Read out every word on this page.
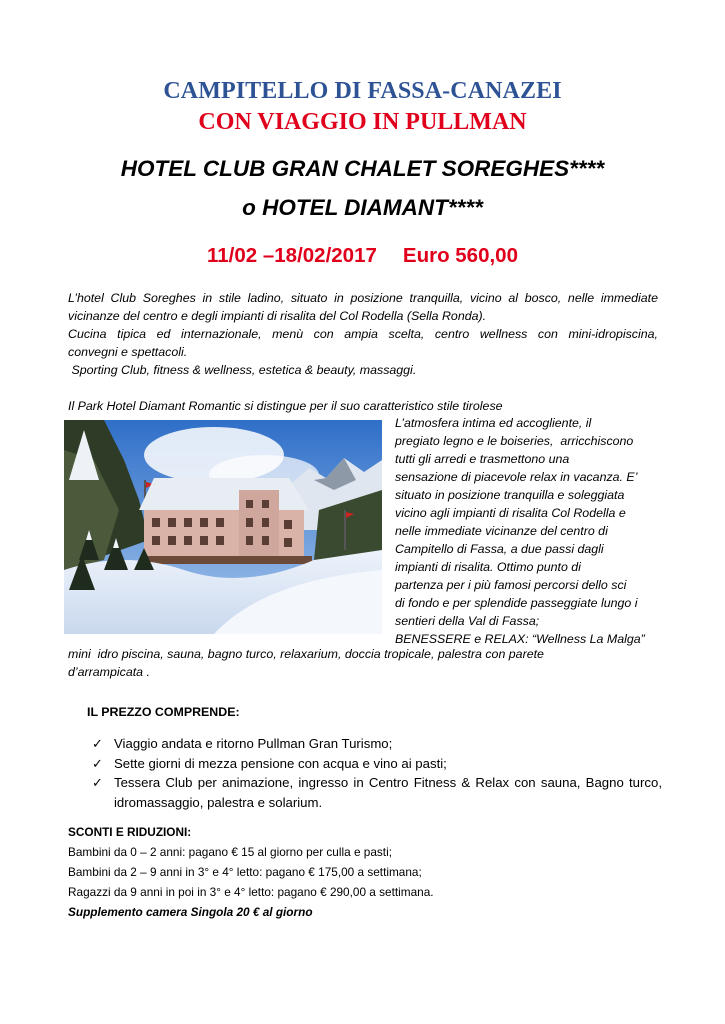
CAMPITELLO DI FASSA-CANAZEI
CON VIAGGIO IN PULLMAN
HOTEL CLUB GRAN CHALET SOREGHES****
o HOTEL DIAMANT****
11/02 –18/02/2017 Euro 560,00
L’hotel Club Soreghes in stile ladino, situato in posizione tranquilla, vicino al bosco, nelle immediate
vicinanze del centro e degli impianti di risalita del Col Rodella (Sella Ronda).
Cucina tipica ed internazionale, menù con ampia scelta, centro wellness con mini-idropiscina,
convegni e spettacoli.
Sporting Club, fitness & wellness, estetica & beauty, massaggi.
Il Park Hotel Diamant Romantic si distingue per il suo caratteristico stile tirolese
L’atmosfera intima ed accogliente, il
pregiato legno e le boiseries,  arricchiscono
tutti gli arredi e trasmettono una
sensazione di piacevole relax in vacanza. E’
situato in posizione tranquilla e soleggiata
vicino agli impianti di risalita Col Rodella e
nelle immediate vicinanze del centro di
Campitello di Fassa, a due passi dagli
impianti di risalita. Ottimo punto di
partenza per i più famosi percorsi dello sci
di fondo e per splendide passeggiate lungo i
sentieri della Val di Fassa;
BENESSERE e RELAX: “Wellness La Malga”
mini  idro piscina, sauna, bagno turco, relaxarium, doccia tropicale, palestra con parete
d’arrampicata .
IL PREZZO COMPRENDE:
✓ Viaggio andata e ritorno Pullman Gran Turismo;
✓ Sette giorni di mezza pensione con acqua e vino ai pasti;
✓ Tessera Club per animazione, ingresso in Centro Fitness & Relax con sauna, Bagno turco,
idromassaggio, palestra e solarium.
SCONTI E RIDUZIONI:
Bambini da 0 – 2 anni: pagano € 15 al giorno per culla e pasti;
Bambini da 2 – 9 anni in 3° e 4° letto: pagano € 175,00 a settimana;
Ragazzi da 9 anni in poi in 3° e 4° letto: pagano € 290,00 a settimana.
Supplemento camera Singola 20 € al giorno
